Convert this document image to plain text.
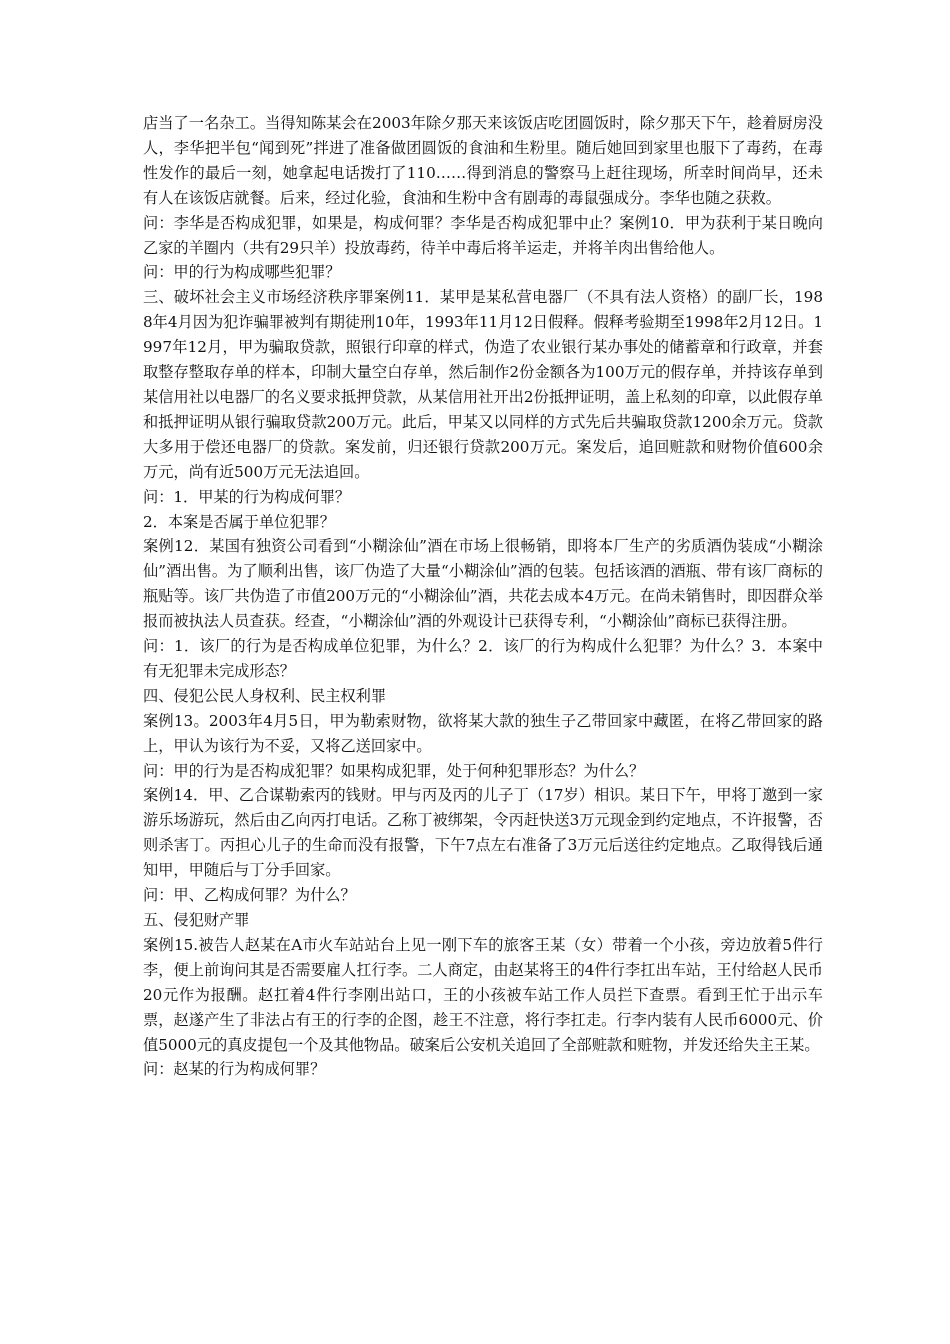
店当了一名杂工。当得知陈某会在2003年除夕那天来该饭店吃团圆饭时，除夕那天下午，趁着厨房没人，李华把半包“闻到死”拌进了准备做团圆饭的食油和生粉里。随后她回到家里也服下了毒药，在毒性发作的最后一刻，她拿起电话拨打了110……得到消息的警察马上赶往现场，所幸时间尚早，还未有人在该饭店就餐。后来，经过化验，食油和生粉中含有剧毒的毒鼠强成分。李华也随之获救。

问：李华是否构成犯罪，如果是，构成何罪？李华是否构成犯罪中止？案例10．甲为获利于某日晚向乙家的羊圈内（共有29只羊）投放毒药，待羊中毒后将羊运走，并将羊肉出售给他人。

问：甲的行为构成哪些犯罪？

三、破坏社会主义市场经济秩序罪案例11．某甲是某私营电器厂（不具有法人资格）的副厂长，1988年4月因为犯诈骗罪被判有期徒刑10年，1993年11月12日假释。假释考验期至1998年2月12日。1997年12月，甲为骗取贷款，照银行印章的样式，伪造了农业银行某办事处的储蓄章和行政章，并套取整存整取存单的样本，印制大量空白存单，然后制作2份金额各为100万元的假存单，并持该存单到某信用社以电器厂的名义要求抵押贷款，从某信用社开出2份抵押证明，盖上私刻的印章，以此假存单和抵押证明从银行骗取贷款200万元。此后，甲某又以同样的方式先后共骗取贷款1200余万元。贷款大多用于偿还电器厂的贷款。案发前，归还银行贷款200万元。案发后，追回赃款和财物价值600余万元，尚有近500万元无法追回。

问：1．甲某的行为构成何罪？

2．本案是否属于单位犯罪？

案例12．某国有独资公司看到“小糊涂仙”酒在市场上很畅销，即将本厂生产的劣质酒伪装成“小糊涂仙”酒出售。为了顺利出售，该厂伪造了大量“小糊涂仙”酒的包装。包括该酒的酒瓶、带有该厂商标的瓶贴等。该厂共伪造了市值200万元的“小糊涂仙”酒，共花去成本4万元。在尚未销售时，即因群众举报而被执法人员查获。经查，“小糊涂仙”酒的外观设计已获得专利，“小糊涂仙”商标已获得注册。

问：1．该厂的行为是否构成单位犯罪，为什么？2．该厂的行为构成什么犯罪？为什么？3．本案中有无犯罪未完成形态？

四、侵犯公民人身权利、民主权利罪

案例13。2003年4月5日，甲为勒索财物，欲将某大款的独生子乙带回家中藏匿，在将乙带回家的路上，甲认为该行为不妥，又将乙送回家中。

问：甲的行为是否构成犯罪？如果构成犯罪，处于何种犯罪形态？为什么？

案例14．甲、乙合谋勒索丙的钱财。甲与丙及丙的儿子丁（17岁）相识。某日下午，甲将丁邀到一家游乐场游玩，然后由乙向丙打电话。乙称丁被绑架，令丙赶快送3万元现金到约定地点，不许报警，否则杀害丁。丙担心儿子的生命而没有报警，下午7点左右准备了3万元后送往约定地点。乙取得钱后通知甲，甲随后与丁分手回家。

问：甲、乙构成何罪？为什么？

五、侵犯财产罪

案例15.被告人赵某在A市火车站站台上见一刚下车的旅客王某（女）带着一个小孩，旁边放着5件行李，便上前询问其是否需要雇人扛行李。二人商定，由赵某将王的4件行李扛出车站，王付给赵人民币20元作为报酬。赵扛着4件行李刚出站口，王的小孩被车站工作人员拦下查票。看到王忙于出示车票，赵遂产生了非法占有王的行李的企图，趁王不注意，将行李扛走。行李内装有人民币6000元、价值5000元的真皮提包一个及其他物品。破案后公安机关追回了全部赃款和赃物，并发还给失主王某。

问：赵某的行为构成何罪？
